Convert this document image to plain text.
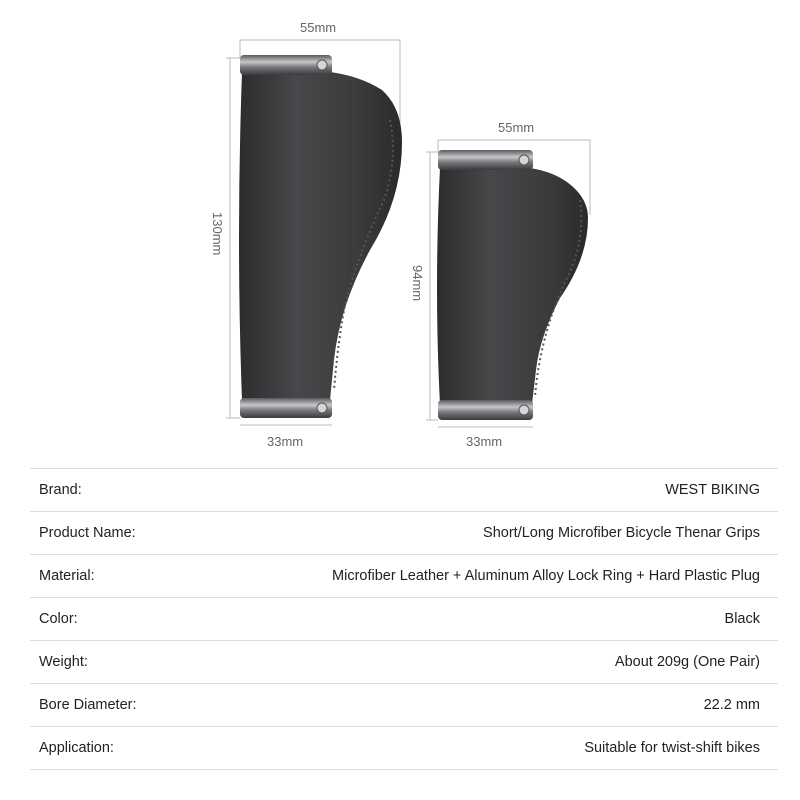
55mm
130mm
33mm
55mm
94mm
33mm
Brand:	WEST BIKING
Product Name:	Short/Long Microfiber Bicycle Thenar Grips
Material:	Microfiber Leather + Aluminum Alloy Lock Ring + Hard Plastic Plug
Color:	Black
Weight:	About 209g (One Pair)
Bore Diameter:	22.2 mm
Application:	Suitable for twist-shift bikes
